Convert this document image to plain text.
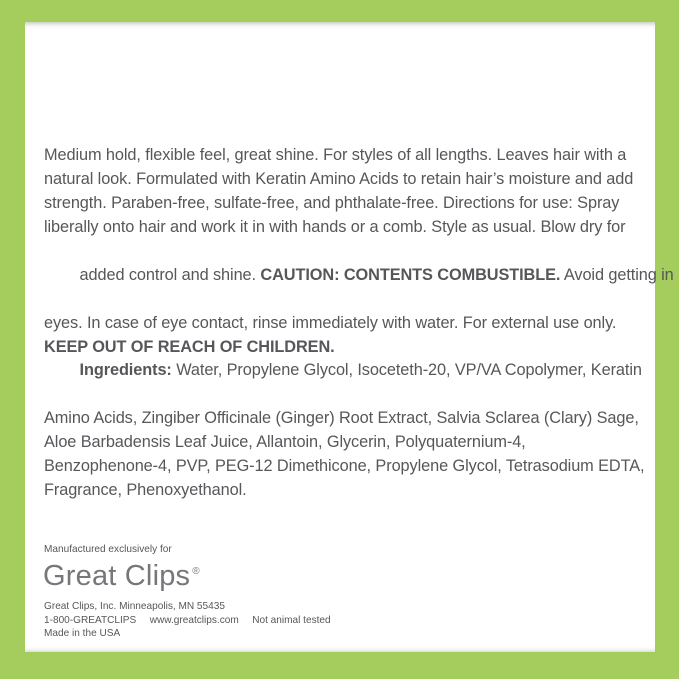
Medium hold, flexible feel, great shine. For styles of all lengths. Leaves hair with a
natural look. Formulated with Keratin Amino Acids to retain hair’s moisture and add
strength. Paraben-free, sulfate-free, and phthalate-free. Directions for use: Spray
liberally onto hair and work it in with hands or a comb. Style as usual. Blow dry for

added control and shine. CAUTION: CONTENTS COMBUSTIBLE. Avoid getting in

eyes. In case of eye contact, rinse immediately with water. For external use only.
KEEP OUT OF REACH OF CHILDREN.

Ingredients: Water, Propylene Glycol, Isoceteth-20, VP/VA Copolymer, Keratin

Amino Acids, Zingiber Officinale (Ginger) Root Extract, Salvia Sclarea (Clary) Sage,
Aloe Barbadensis Leaf Juice, Allantoin, Glycerin, Polyquaternium-4,
Benzophenone-4, PVP, PEG-12 Dimethicone, Propylene Glycol, Tetrasodium EDTA,
Fragrance, Phenoxyethanol.
Manufactured exclusively for
Great Clips ®
Great Clips, Inc. Minneapolis, MN 55435
1-800-GREATCLIPS www.greatclips.com Not animal tested
Made in the USA
